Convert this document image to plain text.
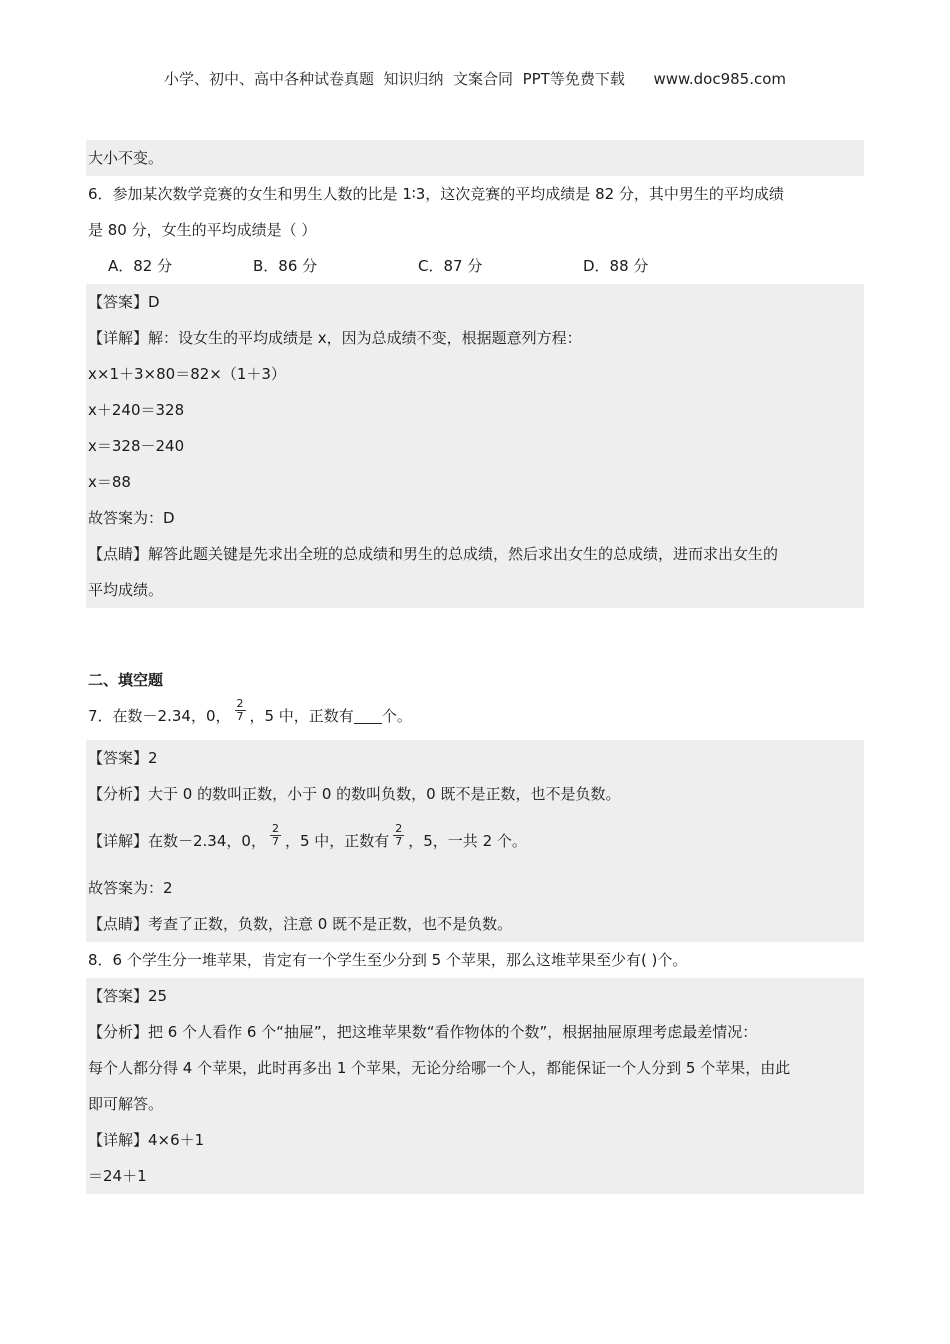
小学、初中、高中各种试卷真题  知识归纳  文案合同  PPT等免费下载      www.doc985.com
大小不变。
6．参加某次数学竞赛的女生和男生人数的比是 1∶3，这次竞赛的平均成绩是 82 分，其中男生的平均成绩
是 80 分，女生的平均成绩是（ ）
A．82 分	B．86 分	C．87 分	D．88 分
【答案】D
【详解】解：设女生的平均成绩是 x，因为总成绩不变，根据题意列方程：
x×1＋3×80＝82×（1＋3）
x＋240＝328
x＝328－240
x＝88
故答案为：D
【点睛】解答此题关键是先求出全班的总成绩和男生的总成绩，然后求出女生的总成绩，进而求出女生的
平均成绩。
二、填空题
7．在数－2.34，0， $\frac{2}{7}$ ，5 中，正数有 个。
【答案】2
【分析】大于 0 的数叫正数，小于 0 的数叫负数，0 既不是正数，也不是负数。
【详解】在数－2.34，0， $\frac{2}{7}$ ，5 中，正数有 $\frac{2}{7}$ ，5，一共 2 个。
故答案为：2
【点睛】考查了正数，负数，注意 0 既不是正数，也不是负数。
8．6 个学生分一堆苹果，肯定有一个学生至少分到 5 个苹果，那么这堆苹果至少有( )个。
【答案】25
【分析】把 6 个人看作 6 个“抽屉”，把这堆苹果数“看作物体的个数”，根据抽屉原理考虑最差情况：
每个人都分得 4 个苹果，此时再多出 1 个苹果，无论分给哪一个人，都能保证一个人分到 5 个苹果，由此
即可解答。
【详解】4×6＋1
＝24＋1
